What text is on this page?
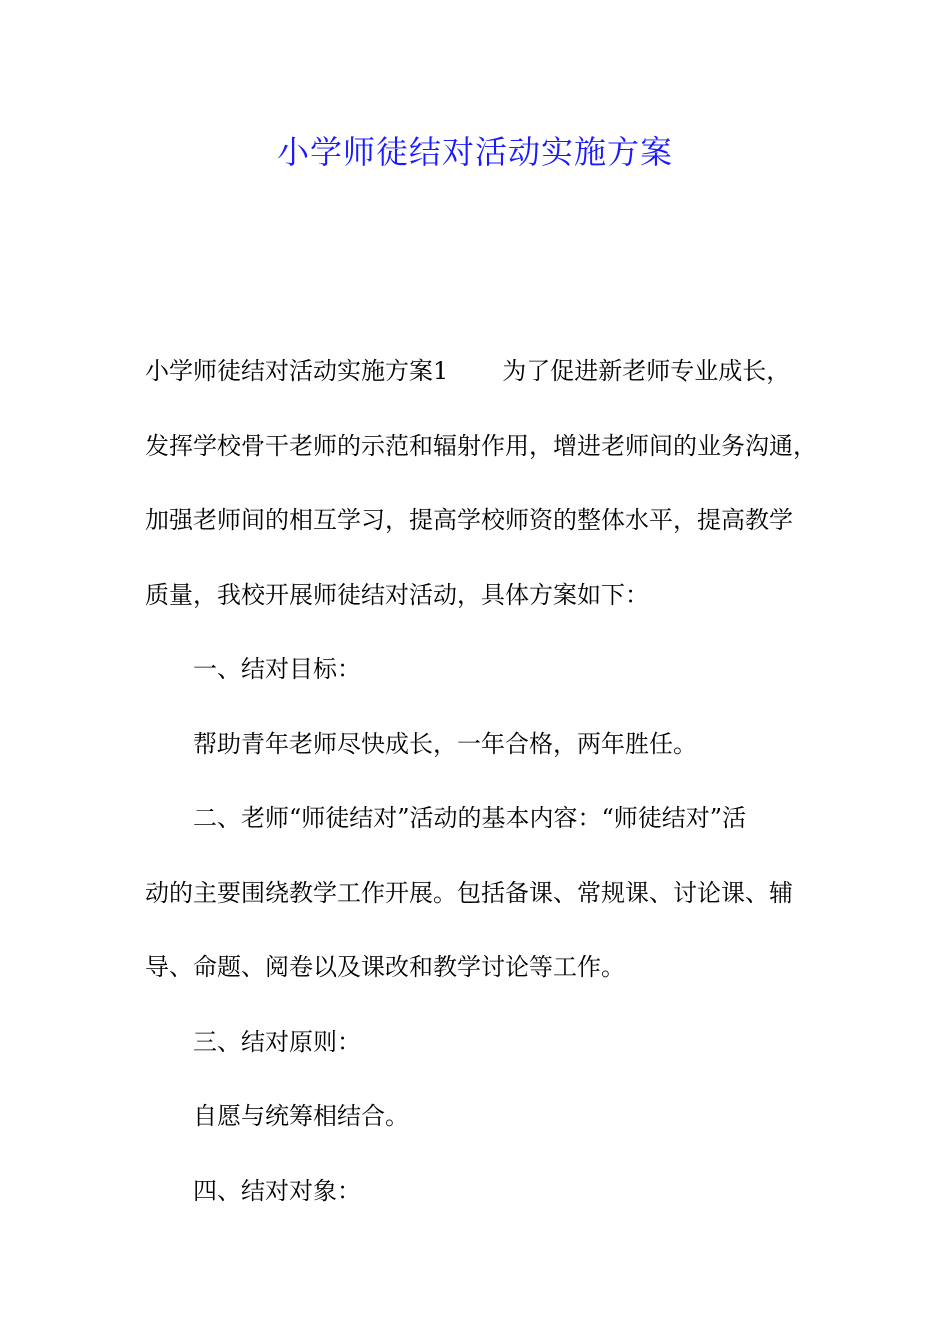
小学师徒结对活动实施方案

小学师徒结对活动实施方案1 为了促进新老师专业成长，

发挥学校骨干老师的示范和辐射作用，增进老师间的业务沟通，

加强老师间的相互学习，提高学校师资的整体水平，提高教学

质量，我校开展师徒结对活动，具体方案如下：

一、结对目标：

帮助青年老师尽快成长，一年合格，两年胜任。

二、老师“师徒结对”活动的基本内容：“师徒结对”活

动的主要围绕教学工作开展。包括备课、常规课、讨论课、辅

导、命题、阅卷以及课改和教学讨论等工作。

三、结对原则：

自愿与统筹相结合。

四、结对对象：
